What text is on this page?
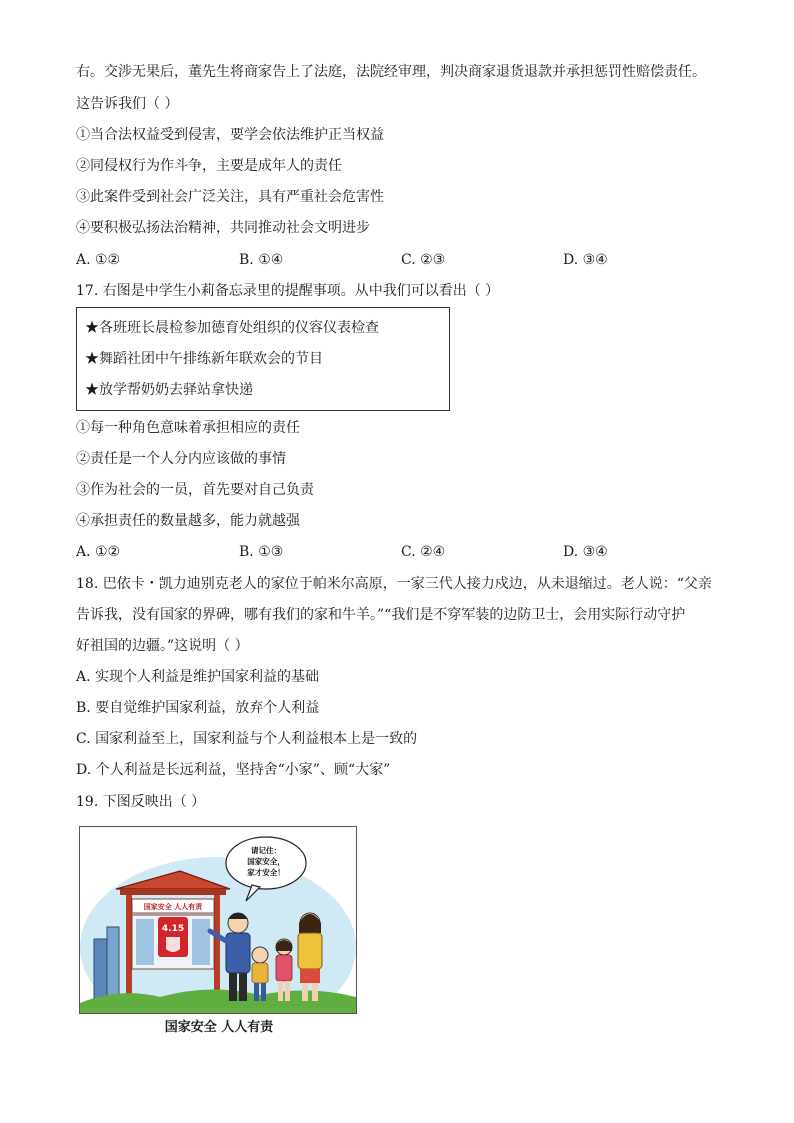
右。交涉无果后，董先生将商家告上了法庭，法院经审理，判决商家退货退款并承担惩罚性赔偿责任。
这告诉我们（ ）
①当合法权益受到侵害，要学会依法维护正当权益
②同侵权行为作斗争，主要是成年人的责任
③此案件受到社会广泛关注，具有严重社会危害性
④要积极弘扬法治精神，共同推动社会文明进步
A. ①②	B. ①④	C. ②③	D. ③④
17. 右图是中学生小莉备忘录里的提醒事项。从中我们可以看出（ ）
★各班班长晨检参加德育处组织的仪容仪表检查
★舞蹈社团中午排练新年联欢会的节目
★放学帮奶奶去驿站拿快递
①每一种角色意味着承担相应的责任
②责任是一个人分内应该做的事情
③作为社会的一员，首先要对自己负责
④承担责任的数量越多，能力就越强
A. ①②	B. ①③	C. ②④	D. ③④
18. 巴依卡・凯力迪别克老人的家位于帕米尔高原，一家三代人接力戍边，从未退缩过。老人说：“父亲
告诉我，没有国家的界碑，哪有我们的家和牛羊。”“我们是不穿军装的边防卫士，会用实际行动守护
好祖国的边疆。”这说明（ ）
A. 实现个人利益是维护国家利益的基础
B. 要自觉维护国家利益，放弃个人利益
C. 国家利益至上，国家利益与个人利益根本上是一致的
D. 个人利益是长远利益，坚持舍“小家”、顾“大家”
19. 下图反映出（ ）
国家安全 人人有责
4.15
请记住：
国家安全，
家才安全！
国家安全 人人有责
